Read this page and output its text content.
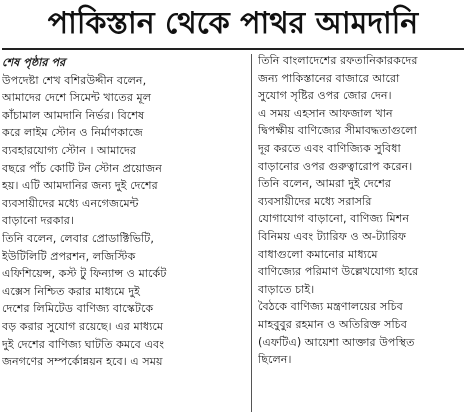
পাকিস্তান থেকে পাথর আমদানি
শেষ পৃষ্ঠার পর
উপদেষ্টা শেখ বশিরউদ্দীন বলেন,
আমাদের দেশে সিমেন্ট খাতের মূল
কাঁচামাল আমদানি নির্ভর। বিশেষ
করে লাইম স্টোন ও নির্মাণকাজে
ব্যবহারযোগ্য স্টোন । আমাদের
বছরে পাঁচ কোটি টন স্টোন প্রয়োজন
হয়। এটি আমদানির জন্য দুই দেশের
ব্যবসায়ীদের মধ্যে এনগেজমেন্ট
বাড়ানো দরকার।
তিনি বলেন, লেবার প্রোডাক্টিভিটি,
ইউটিলিটি প্রপরশন, লজিস্টিক
এফিশিয়েন্স, কস্ট টু ফিন্যান্স ও মার্কেট
এক্সেস নিশ্চিত করার মাধ্যমে দুই
দেশের লিমিটেড বাণিজ্য বাস্কেটকে
বড় করার সুযোগ রয়েছে। এর মাধ্যমে
দুই দেশের বাণিজ্য ঘাটতি কমবে এবং
জনগণের সম্পর্কোন্নয়ন হবে। এ সময়
তিনি বাংলাদেশের রফতানিকারকদের
জন্য পাকিস্তানের বাজারে আরো
সুযোগ সৃষ্টির ওপর জোর দেন।
এ সময় এহসান আফজাল খান
দ্বিপক্ষীয় বাণিজ্যের সীমাবদ্ধতাগুলো
দূর করতে এবং বাণিজ্যিক সুবিধা
বাড়ানোর ওপর গুরুত্বারোপ করেন।
তিনি বলেন, আমরা দুই দেশের
ব্যবসায়ীদের মধ্যে সরাসরি
যোগাযোগ বাড়ানো, বাণিজ্য মিশন
বিনিময় এবং ট্যারিফ ও অ-ট্যারিফ
বাধাগুলো কমানোর মাধ্যমে
বাণিজ্যের পরিমাণ উল্লেখযোগ্য হারে
বাড়াতে চাই।
বৈঠকে বাণিজ্য মন্ত্রণালয়ের সচিব
মাহবুবুর রহমান ও অতিরিক্ত সচিব
(এফটিএ) আয়েশা আক্তার উপস্থিত
ছিলেন।
